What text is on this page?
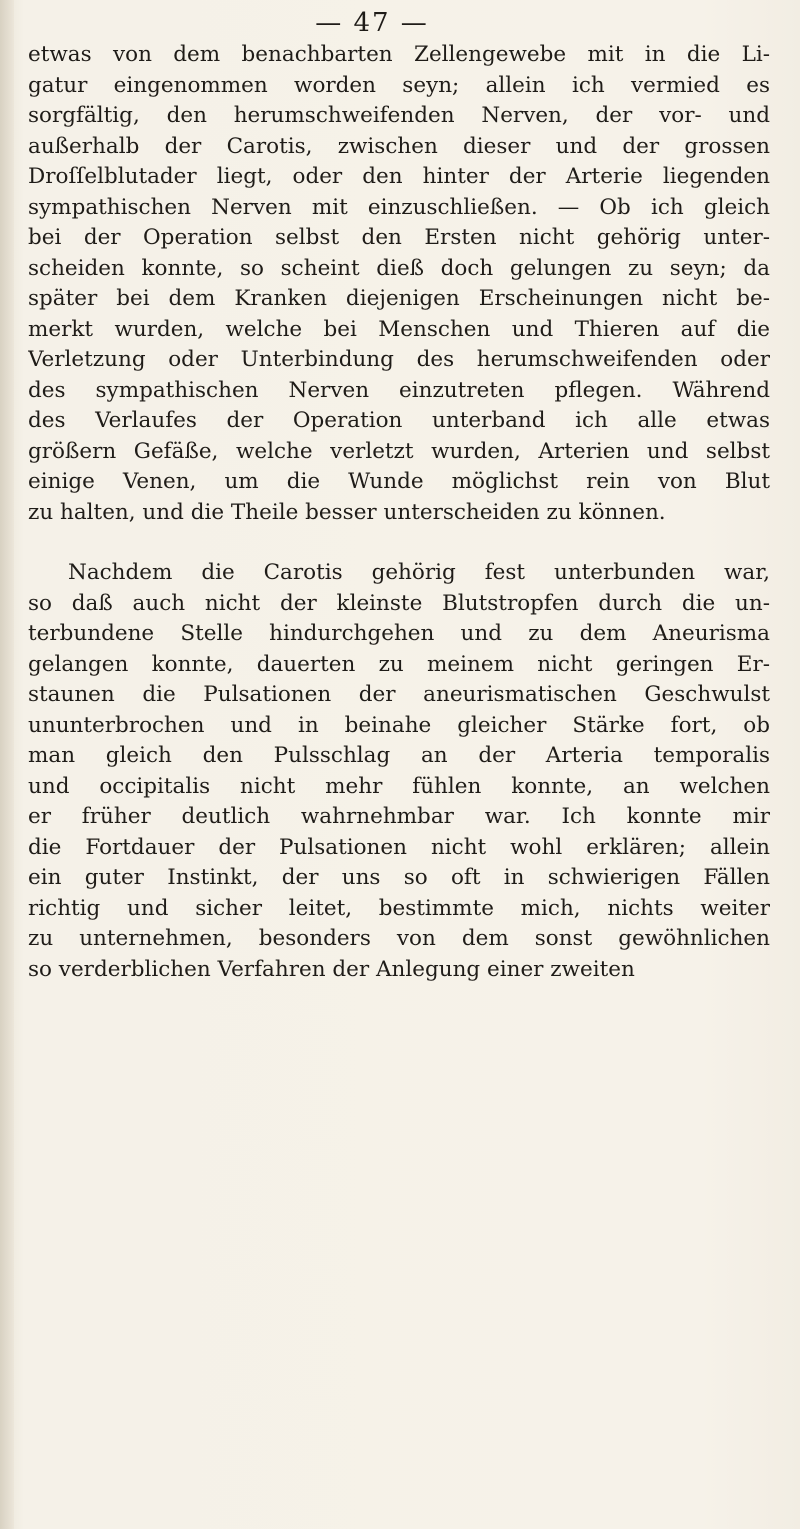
— 47 —

etwas von dem benachbarten Zellengewebe mit in die Li-
gatur eingenommen worden seyn; allein ich vermied es
sorgfältig, den herumschweifenden Nerven, der vor- und
außerhalb der Carotis, zwischen dieser und der grossen
Droſſelblutader liegt, oder den hinter der Arterie liegenden
sympathischen Nerven mit einzuschließen. — Ob ich gleich
bei der Operation selbst den Ersten nicht gehörig unter-
scheiden konnte, so scheint dieß doch gelungen zu seyn; da
später bei dem Kranken diejenigen Erscheinungen nicht be-
merkt wurden, welche bei Menschen und Thieren auf die
Verletzung oder Unterbindung des herumschweifenden oder
des sympathischen Nerven einzutreten pflegen. Während
des Verlaufes der Operation unterband ich alle etwas
größern Gefäße, welche verletzt wurden, Arterien und selbst
einige Venen, um die Wunde möglichst rein von Blut
zu halten, und die Theile besser unterscheiden zu können.

Nachdem die Carotis gehörig fest unterbunden war,
so daß auch nicht der kleinste Blutstropfen durch die un-
terbundene Stelle hindurchgehen und zu dem Aneurisma
gelangen konnte, dauerten zu meinem nicht geringen Er-
staunen die Pulsationen der aneurismatischen Geschwulst
ununterbrochen und in beinahe gleicher Stärke fort, ob
man gleich den Pulsschlag an der Arteria temporalis
und occipitalis nicht mehr fühlen konnte, an welchen
er früher deutlich wahrnehmbar war. Ich konnte mir
die Fortdauer der Pulsationen nicht wohl erklären; allein
ein guter Instinkt, der uns so oft in schwierigen Fällen
richtig und sicher leitet, bestimmte mich, nichts weiter
zu unternehmen, besonders von dem sonst gewöhnlichen
so verderblichen Verfahren der Anlegung einer zweiten
